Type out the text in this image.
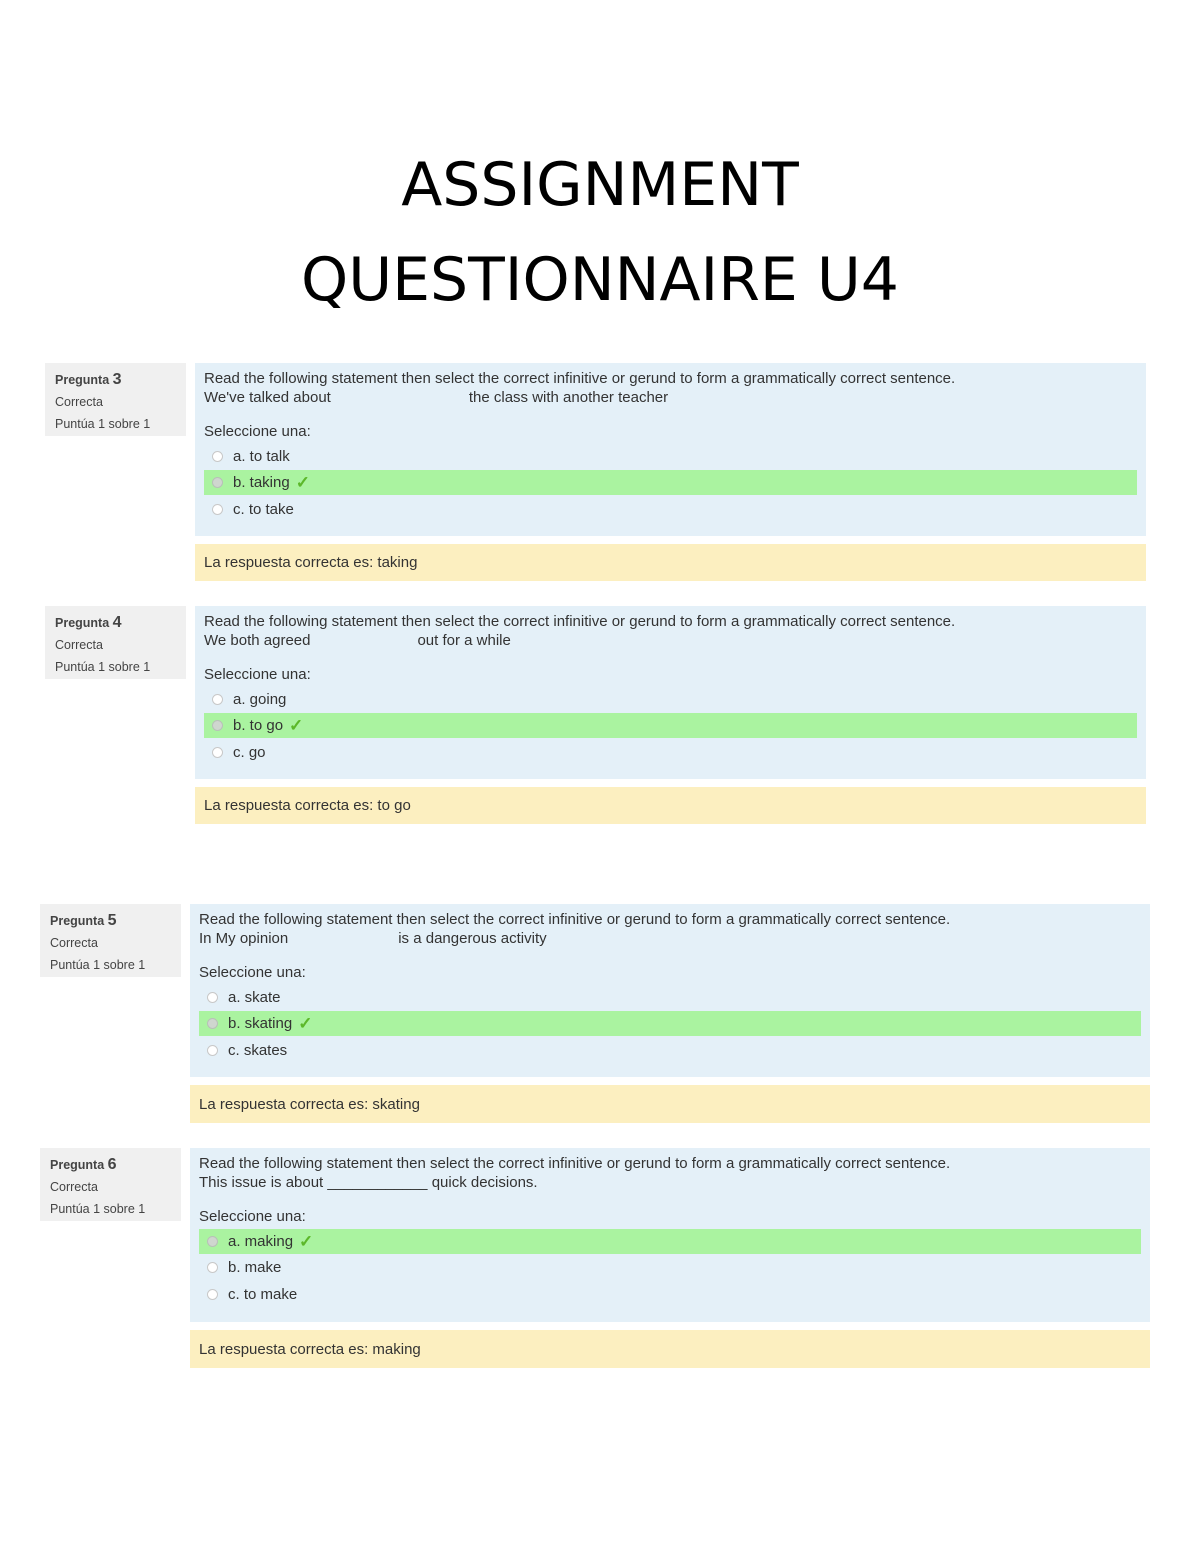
ASSIGNMENT
QUESTIONNAIRE U4
Pregunta 3
Correcta
Puntúa 1 sobre 1
Read the following statement then select the correct infinitive or gerund to form a grammatically correct sentence.
We've talked about	the class with another teacher
Seleccione una:
a. to talk
b. taking ✓
c. to take
La respuesta correcta es: taking
Pregunta 4
Correcta
Puntúa 1 sobre 1
Read the following statement then select the correct infinitive or gerund to form a grammatically correct sentence.
We both agreed	out for a while
Seleccione una:
a. going
b. to go ✓
c. go
La respuesta correcta es: to go
Pregunta 5
Correcta
Puntúa 1 sobre 1
Read the following statement then select the correct infinitive or gerund to form a grammatically correct sentence.
In My opinion	is a dangerous activity
Seleccione una:
a. skate
b. skating ✓
c. skates
La respuesta correcta es: skating
Pregunta 6
Correcta
Puntúa 1 sobre 1
Read the following statement then select the correct infinitive or gerund to form a grammatically correct sentence.
This issue is about ____________ quick decisions.
Seleccione una:
a. making ✓
b. make
c. to make
La respuesta correcta es: making
